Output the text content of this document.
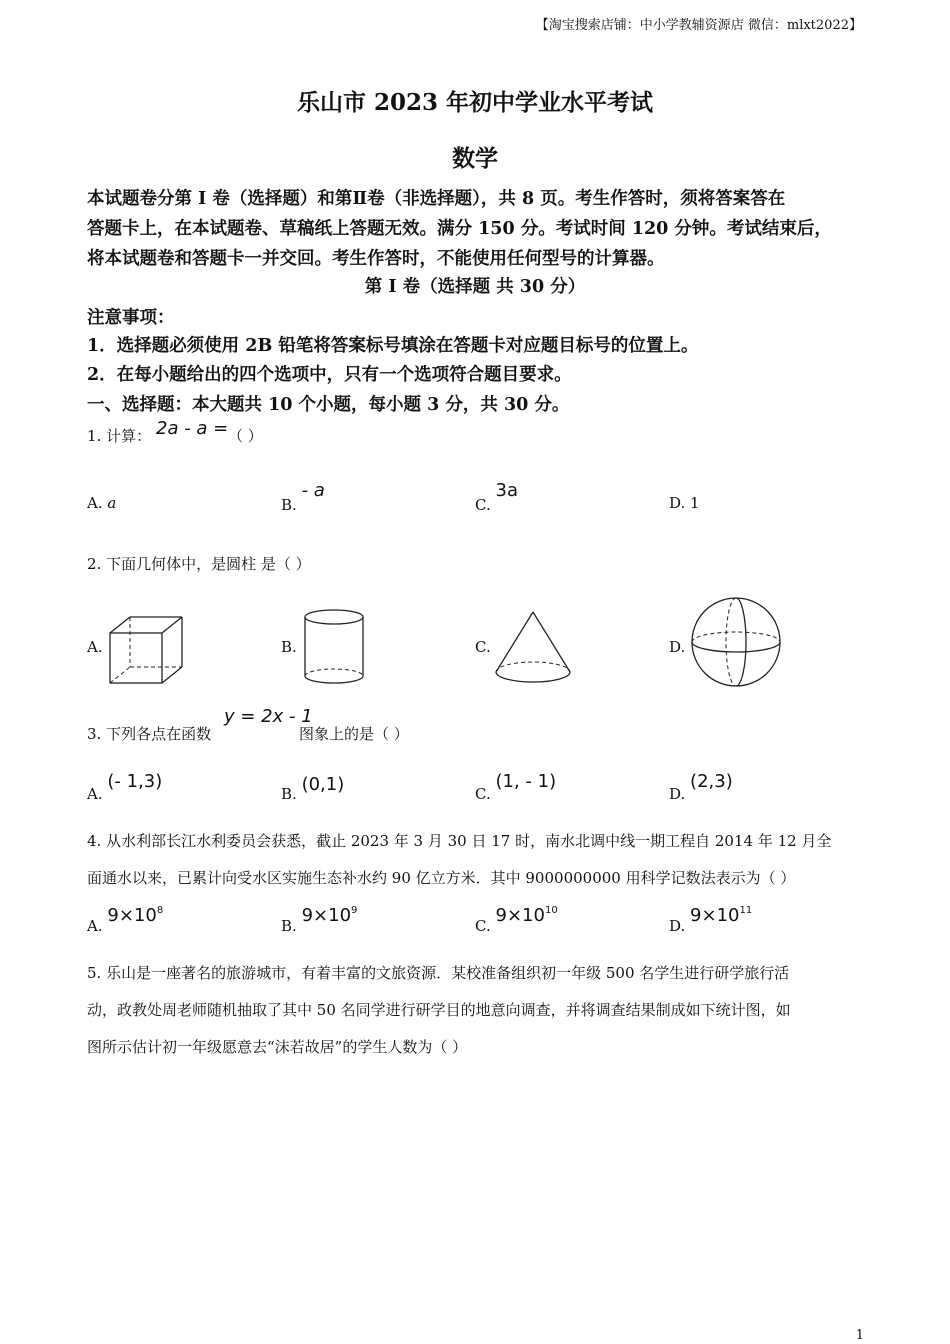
【淘宝搜索店铺：中小学教辅资源店 微信：mlxt2022】
乐山市 2023 年初中学业水平考试
数学
本试题卷分第 I 卷（选择题）和第Ⅱ卷（非选择题），共 8 页。考生作答时，须将答案答在
答题卡上，在本试题卷、草稿纸上答题无效。满分 150 分。考试时间 120 分钟。考试结束后，
将本试题卷和答题卡一并交回。考生作答时，不能使用任何型号的计算器。
第 I 卷（选择题 共 30 分）
注意事项：
1．选择题必须使用 2B 铅笔将答案标号填涂在答题卡对应题目标号的位置上。
2．在每小题给出的四个选项中，只有一个选项符合题目要求。
一、选择题：本大题共 10 个小题，每小题 3 分，共 30 分。
1. 计算： 2a - a = （ ）
A. a	B. - a
C. 3a
D. 1
2. 下面几何体中，是圆柱 是（ ）
A.	B.	C.	D.
3. 下列各点在函数
y = 2x - 1
图象上的是（ ）
A. (- 1,3)
B. (0,1)	C. (1, - 1)
D. (2,3)
4. 从水利部长江水利委员会获悉，截止 2023 年 3 月 30 日 17 时，南水北调中线一期工程自 2014 年 12 月全
面通水以来，已累计向受水区实施生态补水约 90 亿立方米．其中 9000000000 用科学记数法表示为（ ）
A. $9\times 10^8$
B. $9\times 10^9$
C. $9\times 10^{10}$
D. $9\times 10^{11}$
5. 乐山是一座著名的旅游城市，有着丰富的文旅资源．某校准备组织初一年级 500 名学生进行研学旅行活
动，政教处周老师随机抽取了其中 50 名同学进行研学目的地意向调查，并将调查结果制成如下统计图，如
图所示估计初一年级愿意去“沫若故居”的学生人数为（ ）
1
